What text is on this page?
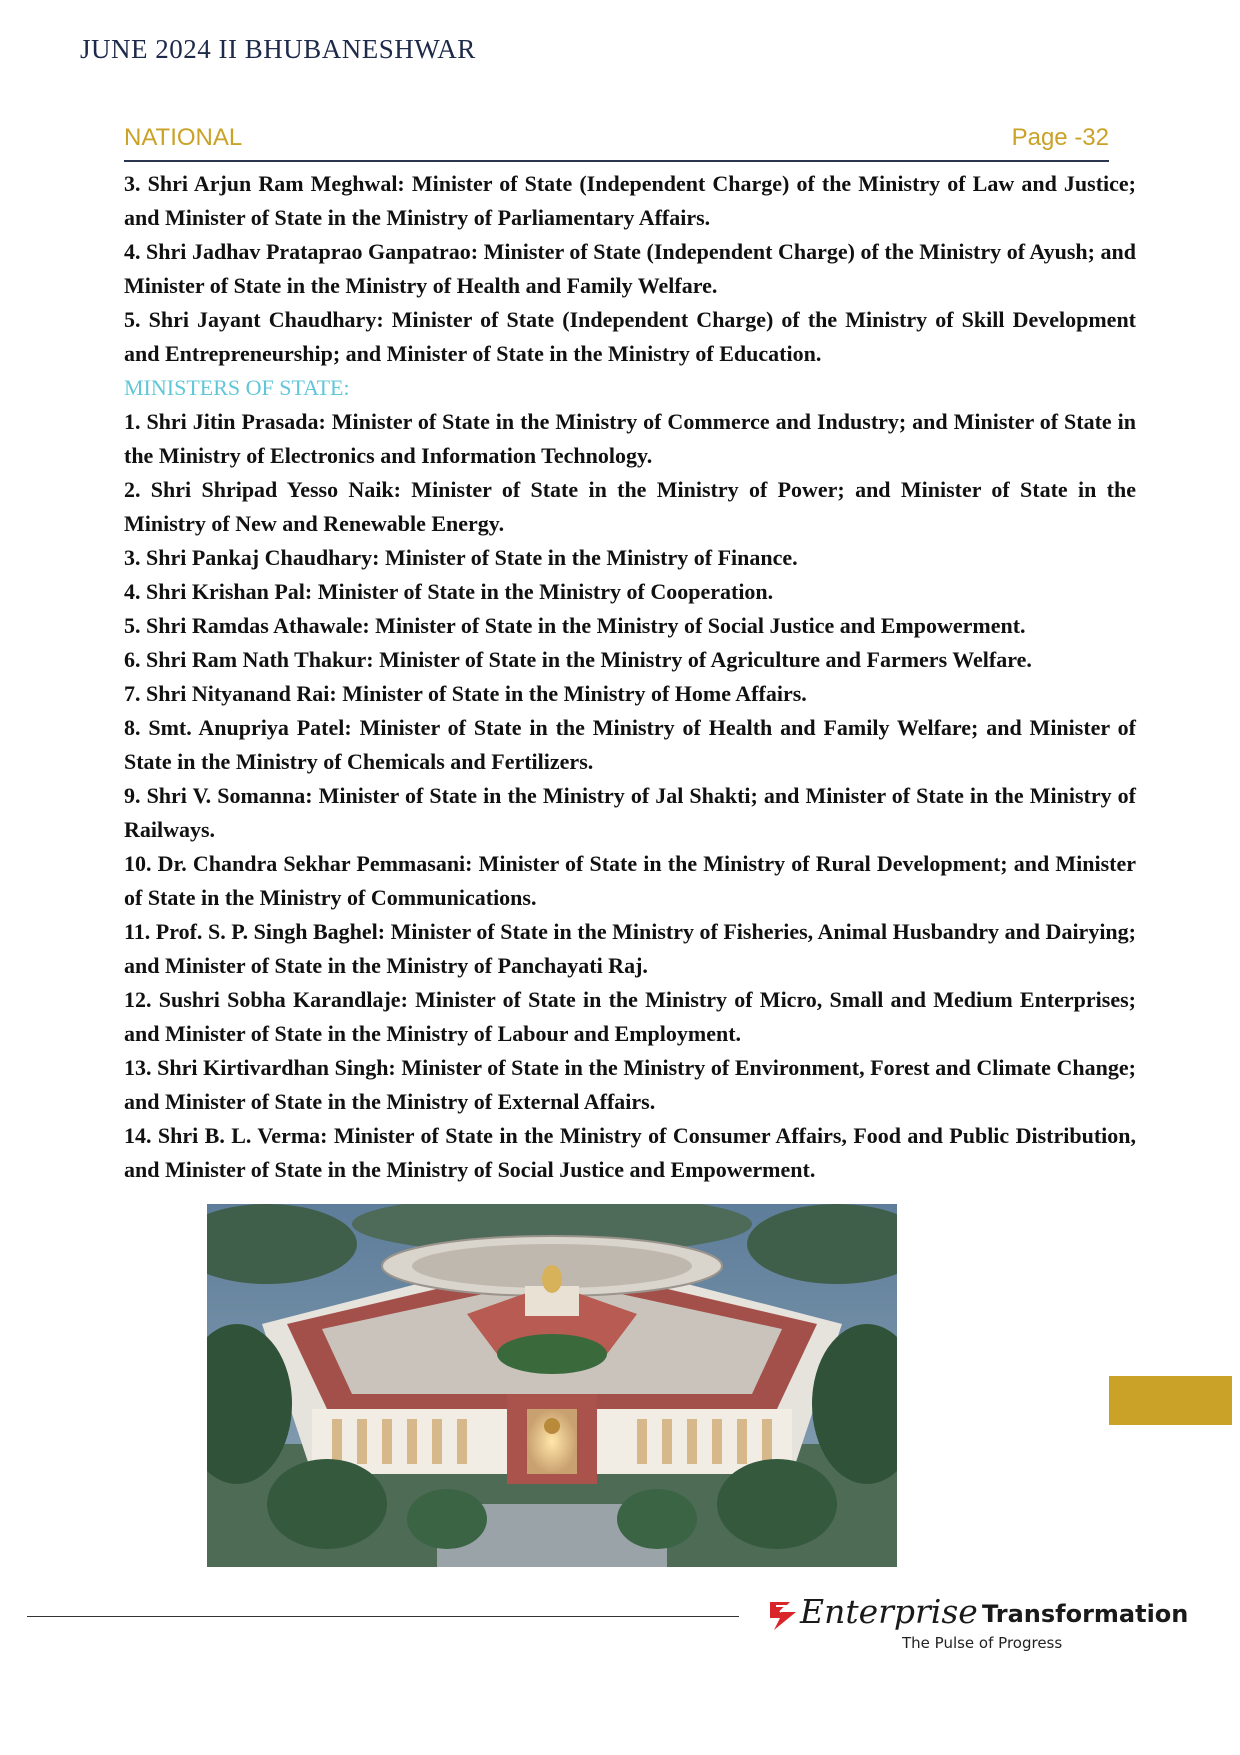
JUNE 2024 II BHUBANESHWAR
NATIONAL	Page -32

3. Shri Arjun Ram Meghwal: Minister of State (Independent Charge) of the Ministry of Law and Justice; and Minister of State in the Ministry of Parliamentary Affairs.

4. Shri Jadhav Prataprao Ganpatrao: Minister of State (Independent Charge) of the Ministry of Ayush; and Minister of State in the Ministry of Health and Family Welfare.

5. Shri Jayant Chaudhary: Minister of State (Independent Charge) of the Ministry of Skill Development and Entrepreneurship; and Minister of State in the Ministry of Education.

MINISTERS OF STATE:

1. Shri Jitin Prasada: Minister of State in the Ministry of Commerce and Industry; and Minister of State in the Ministry of Electronics and Information Technology.

2. Shri Shripad Yesso Naik: Minister of State in the Ministry of Power; and Minister of State in the Ministry of New and Renewable Energy.

3. Shri Pankaj Chaudhary: Minister of State in the Ministry of Finance.

4. Shri Krishan Pal: Minister of State in the Ministry of Cooperation.

5. Shri Ramdas Athawale: Minister of State in the Ministry of Social Justice and Empowerment.

6. Shri Ram Nath Thakur: Minister of State in the Ministry of Agriculture and Farmers Welfare.

7. Shri Nityanand Rai: Minister of State in the Ministry of Home Affairs.

8. Smt. Anupriya Patel: Minister of State in the Ministry of Health and Family Welfare; and Minister of State in the Ministry of Chemicals and Fertilizers.

9. Shri V. Somanna: Minister of State in the Ministry of Jal Shakti; and Minister of State in the Ministry of Railways.

10. Dr. Chandra Sekhar Pemmasani: Minister of State in the Ministry of Rural Development; and Minister of State in the Ministry of Communications.

11. Prof. S. P. Singh Baghel: Minister of State in the Ministry of Fisheries, Animal Husbandry and Dairying; and Minister of State in the Ministry of Panchayati Raj.

12. Sushri Sobha Karandlaje: Minister of State in the Ministry of Micro, Small and Medium Enterprises; and Minister of State in the Ministry of Labour and Employment.

13. Shri Kirtivardhan Singh: Minister of State in the Ministry of Environment, Forest and Climate Change; and Minister of State in the Ministry of External Affairs.

14. Shri B. L. Verma: Minister of State in the Ministry of Consumer Affairs, Food and Public Distribution, and Minister of State in the Ministry of Social Justice and Empowerment.

Enterprise Transformation
The Pulse of Progress
